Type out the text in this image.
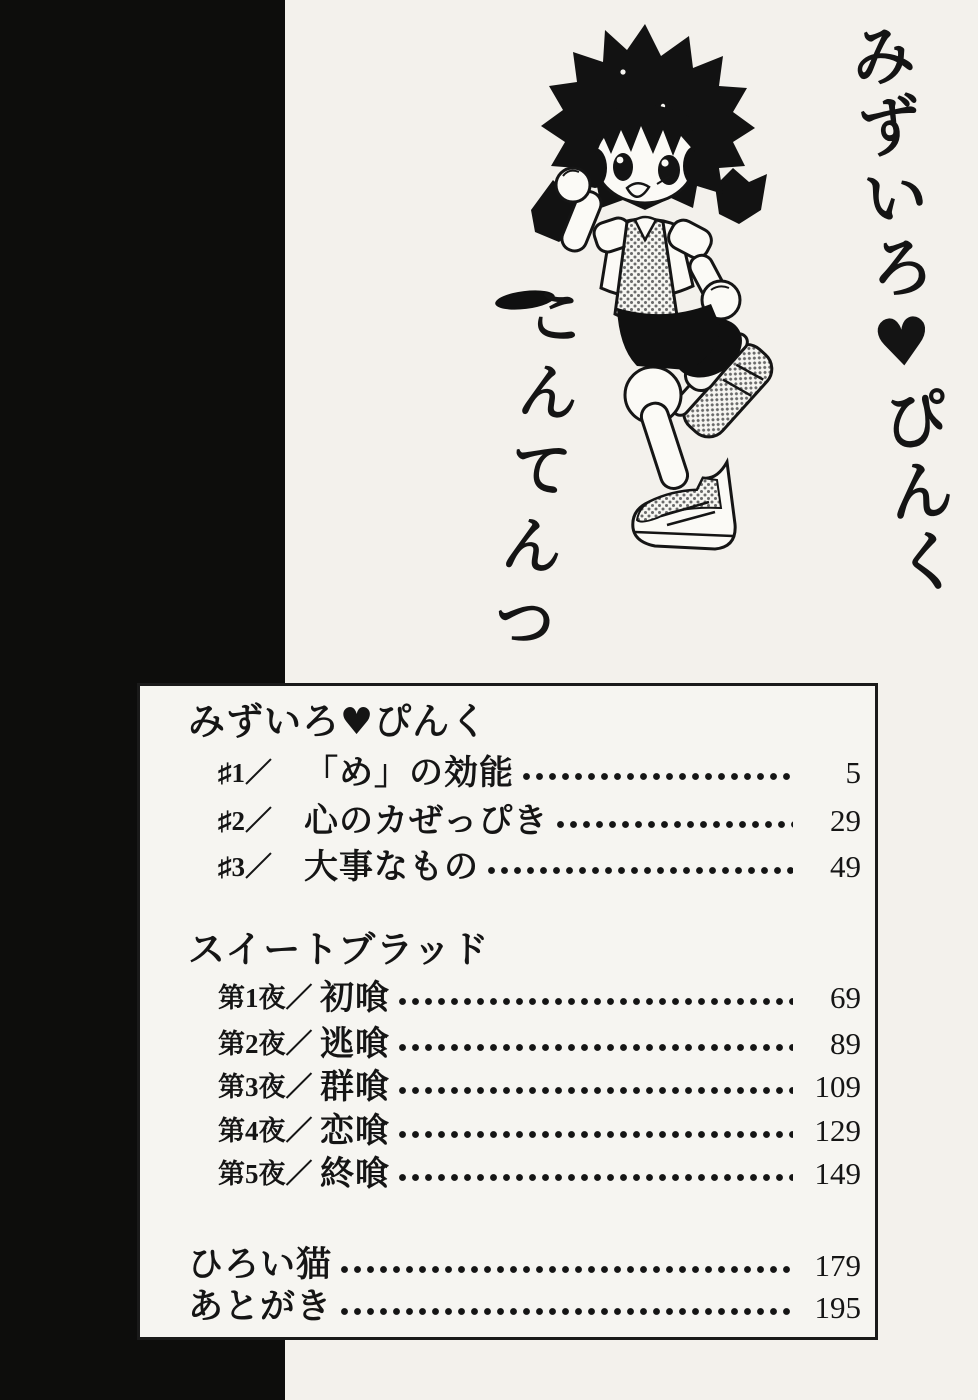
みずいろ♥ぴんく
こんてんつ
みずいろ♥ぴんく
♯1／ 「め」の効能	5
♯2／ 心のカぜっぴき	29
♯3／ 大事なもの	49
スイートブラッド
第1夜／ 初喰	69
第2夜／ 逃喰	89
第3夜／ 群喰	109
第4夜／ 恋喰	129
第5夜／ 終喰	149
ひろい猫	179
あとがき	195
